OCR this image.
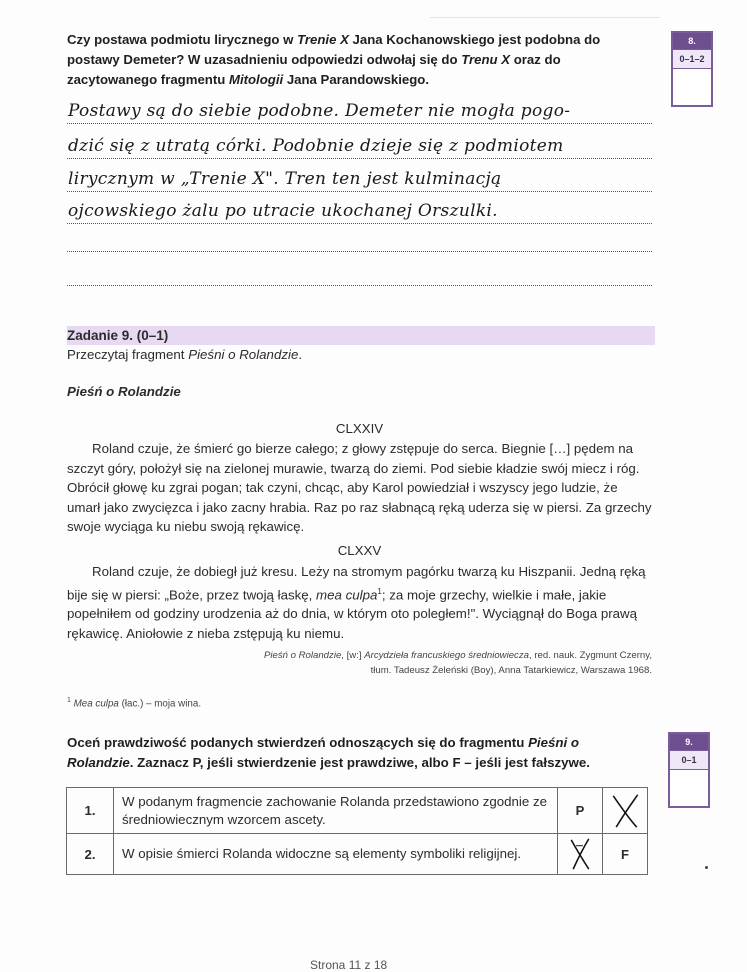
Czy postawa podmiotu lirycznego w Trenie X Jana Kochanowskiego jest podobna do postawy Demeter? W uzasadnieniu odpowiedzi odwołaj się do Trenu X oraz do zacytowanego fragmentu Mitologii Jana Parandowskiego.
8.
0–1–2
Postawy są do siebie podobne. Demeter nie mogła pogo-
dzić się z utratą córki. Podobnie dzieje się z podmiotem
lirycznym w „Trenie X". Tren ten jest kulminacją
ojcowskiego żalu po utracie ukochanej Orszulki.
Zadanie 9. (0–1)
Przeczytaj fragment Pieśni o Rolandzie.
Pieśń o Rolandzie
CLXXIV
Roland czuje, że śmierć go bierze całego; z głowy zstępuje do serca. Biegnie […] pędem na szczyt góry, położył się na zielonej murawie, twarzą do ziemi. Pod siebie kładzie swój miecz i róg. Obrócił głowę ku zgrai pogan; tak czyni, chcąc, aby Karol powiedział i wszyscy jego ludzie, że umarł jako zwycięzca i jako zacny hrabia. Raz po raz słabnącą ręką uderza się w piersi. Za grzechy swoje wyciąga ku niebu swoją rękawicę.
CLXXV
Roland czuje, że dobiegł już kresu. Leży na stromym pagórku twarzą ku Hiszpanii. Jedną ręką bije się w piersi: „Boże, przez twoją łaskę, mea culpa$^1$; za moje grzechy, wielkie i małe, jakie popełniłem od godziny urodzenia aż do dnia, w którym oto poległem!". Wyciągnął do Boga prawą rękawicę. Aniołowie z nieba zstępują ku niemu.
Pieśń o Rolandzie, [w:] Arcydzieła francuskiego średniowiecza, red. nauk. Zygmunt Czerny,
tłum. Tadeusz Żeleński (Boy), Anna Tatarkiewicz, Warszawa 1968.
$^1$ Mea culpa (łac.) – moja wina.
Oceń prawdziwość podanych stwierdzeń odnoszących się do fragmentu Pieśni o Rolandzie. Zaznacz P, jeśli stwierdzenie jest prawdziwe, albo F – jeśli jest fałszywe.
9.
0–1
1.	W podanym fragmencie zachowanie Rolanda przedstawiono zgodnie ze średniowiecznym wzorcem ascety.	P	

2.	W opisie śmierci Rolanda widoczne są elementy symboliki religijnej.		F
Strona 11 z 18
